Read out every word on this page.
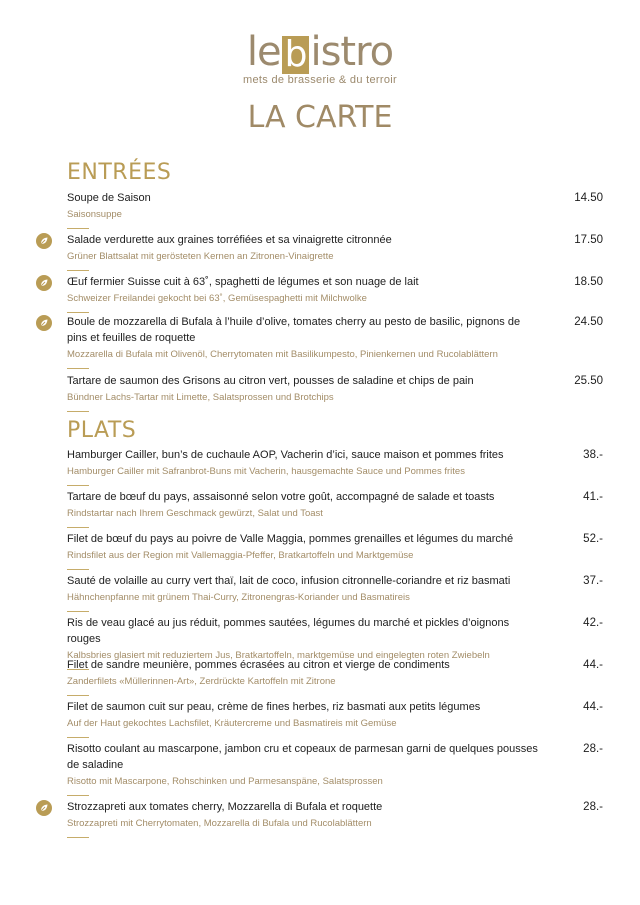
le b istro
mets de brasserie & du terroir
LA CARTE
ENTRÉES
Soupe de Saison
Saisonsuppe
14.50
Salade verdurette aux graines torréfiées et sa vinaigrette citronnée
Grüner Blattsalat mit gerösteten Kernen an Zitronen-Vinaigrette
17.50
Œuf fermier Suisse cuit à 63˚, spaghetti de légumes et son nuage de lait
Schweizer Freilandei gekocht bei 63˚, Gemüsespaghetti mit Milchwolke
18.50
Boule de mozzarella di Bufala à l’huile d’olive, tomates cherry au pesto de basilic, pignons de pins et feuilles de roquette
Mozzarella di Bufala mit Olivenöl, Cherrytomaten mit Basilikumpesto, Pinienkernen und Rucolablättern
24.50
Tartare de saumon des Grisons au citron vert, pousses de saladine et chips de pain
Bündner Lachs-Tartar mit Limette, Salatsprossen und Brotchips
25.50
PLATS
Hamburger Cailler, bun’s de cuchaule AOP, Vacherin d’ici, sauce maison et pommes frites
Hamburger Cailler mit Safranbrot-Buns mit Vacherin, hausgemachte Sauce und Pommes frites
38.-
Tartare de bœuf du pays, assaisonné selon votre goût, accompagné de salade et toasts
Rindstartar nach Ihrem Geschmack gewürzt, Salat und Toast
41.-
Filet de bœuf du pays au poivre de Valle Maggia, pommes grenailles et légumes du marché
Rindsfilet aus der Region mit Vallemaggia-Pfeffer, Bratkartoffeln und Marktgemüse
52.-
Sauté de volaille au curry vert thaï, lait de coco, infusion citronnelle-coriandre et riz basmati
Hähnchenpfanne mit grünem Thai-Curry, Zitronengras-Koriander und Basmatireis
37.-
Ris de veau glacé au jus réduit, pommes sautées, légumes du marché et pickles d’oignons rouges
Kalbsbries glasiert mit reduziertem Jus, Bratkartoffeln, marktgemüse und eingelegten roten Zwiebeln
42.-
Filet de sandre meunière, pommes écrasées au citron et vierge de condiments
Zanderfilets «Müllerinnen-Art», Zerdrückte Kartoffeln mit Zitrone
44.-
Filet de saumon cuit sur peau, crème de fines herbes, riz basmati aux petits légumes
Auf der Haut gekochtes Lachsfilet, Kräutercreme und Basmatireis mit Gemüse
44.-
Risotto coulant au mascarpone, jambon cru et copeaux de parmesan garni de quelques pousses de saladine
Risotto mit Mascarpone, Rohschinken und Parmesanspäne, Salatsprossen
28.-
Strozzapreti aux tomates cherry, Mozzarella di Bufala et roquette
Strozzapreti mit Cherrytomaten, Mozzarella di Bufala und Rucolablättern
28.-
